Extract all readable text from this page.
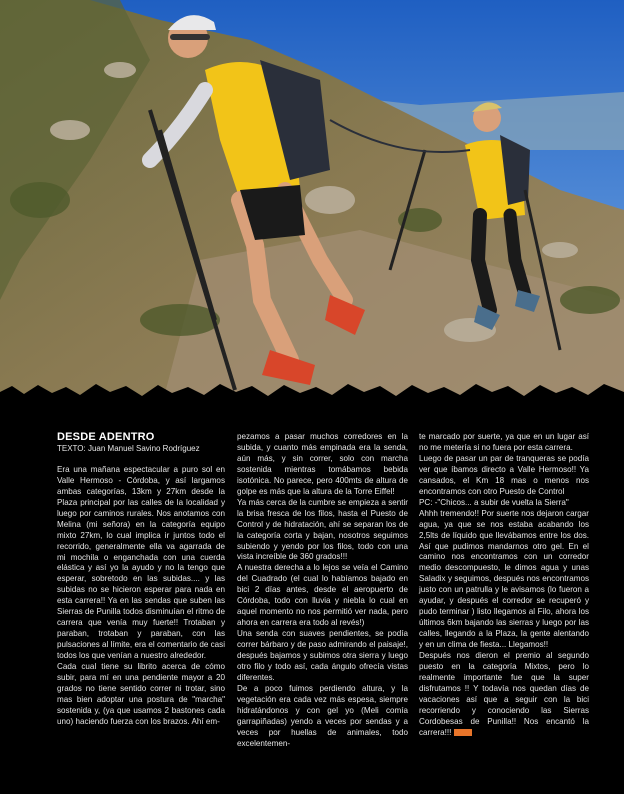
DESDE ADENTRO
TEXTO: Juan Manuel Savino Rodríguez

Era una mañana espectacular a puro sol en Valle Hermoso - Córdoba, y así largamos ambas categorías, 13km y 27km desde la Plaza principal por las calles de la localidad y luego por caminos rurales. Nos anotamos con Melina (mi señora) en la categoría equipo mixto 27km, lo cual implica ir juntos todo el recorrido, generalmente ella va agarrada de mi mochila o enganchada con una cuerda elástica y así yo la ayudo y no la tengo que esperar, sobretodo en las subidas.... y las subidas no se hicieron esperar para nada en esta carrera!! Ya en las sendas que suben las Sierras de Punilla todos disminuían el ritmo de carrera que venía muy fuerte!! Trotaban y paraban, trotaban y paraban, con las pulsaciones al límite, era el comentario de casi todos los que venían a nuestro alrededor.

Cada cual tiene su librito acerca de cómo subir, para mí en una pendiente mayor a 20 grados no tiene sentido correr ni trotar, sino mas bien adoptar una postura de "marcha" sostenida y, (ya que usamos 2 bastones cada uno) haciendo fuerza con los brazos. Ahí em-

pezamos a pasar muchos corredores en la subida, y cuanto más empinada era la senda, aún más, y sin correr, solo con marcha sostenida mientras tomábamos bebida isotónica. No parece, pero 400mts de altura de golpe es más que la altura de la Torre Eiffel!

Ya más cerca de la cumbre se empieza a sentir la brisa fresca de los filos, hasta el Puesto de Control y de hidratación, ahí se separan los de la categoría corta y bajan, nosotros seguimos subiendo y yendo por los filos, todo con una vista increíble de 360 grados!!!

A nuestra derecha a lo lejos se veía el Camino del Cuadrado (el cual lo habíamos bajado en bici 2 días antes, desde el aeropuerto de Córdoba, todo con lluvia y niebla lo cual en aquel momento no nos permitió ver nada, pero ahora en carrera era todo al revés!)

Una senda con suaves pendientes, se podía correr bárbaro y de paso admirando el paisaje!, después bajamos y subimos otra sierra y luego otro filo y todo así, cada ángulo ofrecía vistas diferentes.

De a poco fuimos perdiendo altura, y la vegetación era cada vez más espesa, siempre hidratándonos y con gel yo (Meli comía garrapiñadas) yendo a veces por sendas y a veces por huellas de animales, todo excelentemen-

te marcado por suerte, ya que en un lugar así no me metería si no fuera por esta carrera.

Luego de pasar un par de tranqueras se podía ver que íbamos directo a Valle Hermoso!! Ya cansados, el Km 18 mas o menos nos encontramos con otro Puesto de Control

PC: -"Chicos... a subir de vuelta la Sierra"

Ahhh tremendo!! Por suerte nos dejaron cargar agua, ya que se nos estaba acabando los 2,5lts de líquido que llevábamos entre los dos. Así que pudimos mandarnos otro gel. En el camino nos encontramos con un corredor medio descompuesto, le dimos agua y unas Saladix y seguimos, después nos encontramos justo con un patrulla y le avisamos (lo fueron a ayudar, y después el corredor se recuperó y pudo terminar ) listo llegamos al Filo, ahora los últimos 6km bajando las sierras y luego por las calles, llegando a la Plaza, la gente alentando y en un clima de fiesta... Llegamos!!

Después nos dieron el premio al segundo puesto en la categoría Mixtos, pero lo realmente importante fue que la super disfrutamos !! Y todavía nos quedan días de vacaciones así que a seguir con la bici recorriendo y conociendo las Sierras Cordobesas de Punilla!! Nos encantó la carrera!!!
